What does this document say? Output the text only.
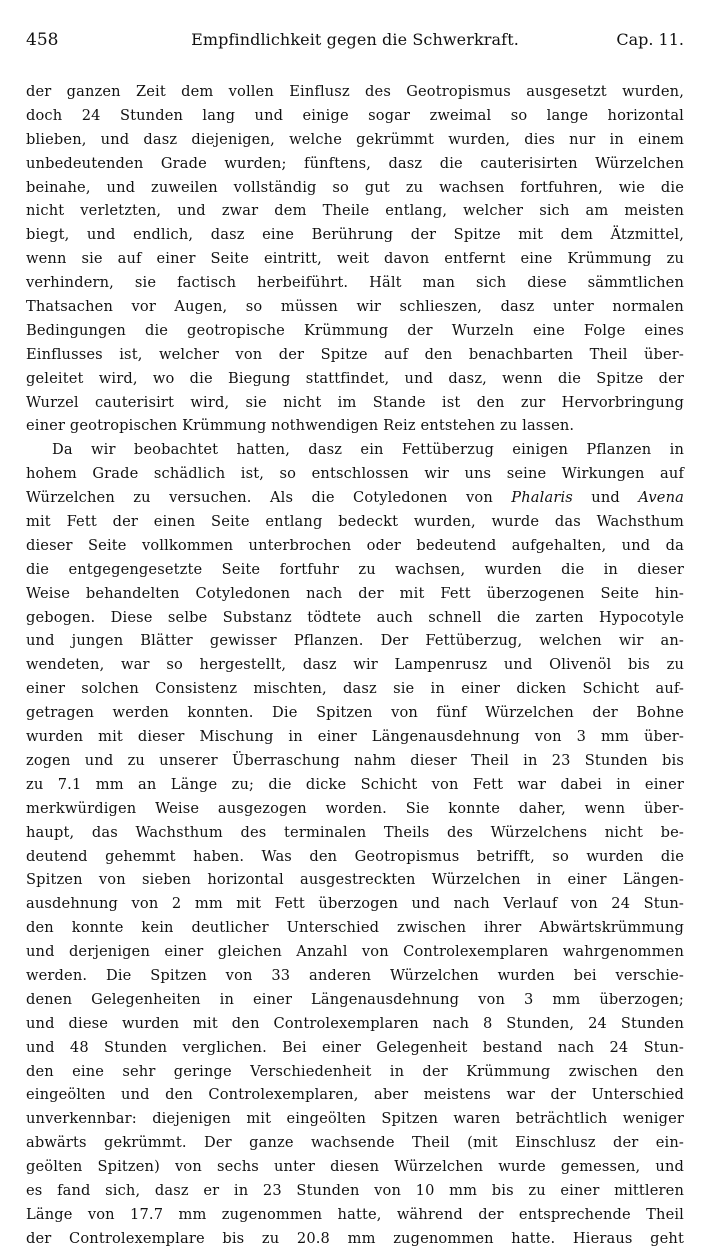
458	Empfindlichkeit gegen die Schwerkraft.	Cap. 11.
der ganzen Zeit dem vollen Einflusz des Geotropismus ausgesetzt wurden,
doch 24 Stunden lang und einige sogar zweimal so lange horizontal
blieben, und dasz diejenigen, welche gekrümmt wurden, dies nur in einem
unbedeutenden Grade wurden; fünftens, dasz die cauterisirten Würzelchen
beinahe, und zuweilen vollständig so gut zu wachsen fortfuhren, wie die
nicht verletzten, und zwar dem Theile entlang, welcher sich am meisten
biegt, und endlich, dasz eine Berührung der Spitze mit dem Ätzmittel,
wenn sie auf einer Seite eintritt, weit davon entfernt eine Krümmung zu
verhindern, sie factisch herbeiführt. Hält man sich diese sämmtlichen
Thatsachen vor Augen, so müssen wir schlieszen, dasz unter normalen
Bedingungen die geotropische Krümmung der Wurzeln eine Folge eines
Einflusses ist, welcher von der Spitze auf den benachbarten Theil über-
geleitet wird, wo die Biegung stattfindet, und dasz, wenn die Spitze der
Wurzel cauterisirt wird, sie nicht im Stande ist den zur Hervorbringung
einer geotropischen Krümmung nothwendigen Reiz entstehen zu lassen.
Da wir beobachtet hatten, dasz ein Fettüberzug einigen Pflanzen in
hohem Grade schädlich ist, so entschlossen wir uns seine Wirkungen auf
Würzelchen zu versuchen. Als die Cotyledonen von Phalaris und Avena
mit Fett der einen Seite entlang bedeckt wurden, wurde das Wachsthum
dieser Seite vollkommen unterbrochen oder bedeutend aufgehalten, und da
die entgegengesetzte Seite fortfuhr zu wachsen, wurden die in dieser
Weise behandelten Cotyledonen nach der mit Fett überzogenen Seite hin-
gebogen. Diese selbe Substanz tödtete auch schnell die zarten Hypocotyle
und jungen Blätter gewisser Pflanzen. Der Fettüberzug, welchen wir an-
wendeten, war so hergestellt, dasz wir Lampenrusz und Olivenöl bis zu
einer solchen Consistenz mischten, dasz sie in einer dicken Schicht auf-
getragen werden konnten. Die Spitzen von fünf Würzelchen der Bohne
wurden mit dieser Mischung in einer Längenausdehnung von 3 mm über-
zogen und zu unserer Überraschung nahm dieser Theil in 23 Stunden bis
zu 7.1 mm an Länge zu; die dicke Schicht von Fett war dabei in einer
merkwürdigen Weise ausgezogen worden. Sie konnte daher, wenn über-
haupt, das Wachsthum des terminalen Theils des Würzelchens nicht be-
deutend gehemmt haben. Was den Geotropismus betrifft, so wurden die
Spitzen von sieben horizontal ausgestreckten Würzelchen in einer Längen-
ausdehnung von 2 mm mit Fett überzogen und nach Verlauf von 24 Stun-
den konnte kein deutlicher Unterschied zwischen ihrer Abwärtskrümmung
und derjenigen einer gleichen Anzahl von Controlexemplaren wahrgenommen
werden. Die Spitzen von 33 anderen Würzelchen wurden bei verschie-
denen Gelegenheiten in einer Längenausdehnung von 3 mm überzogen;
und diese wurden mit den Controlexemplaren nach 8 Stunden, 24 Stunden
und 48 Stunden verglichen. Bei einer Gelegenheit bestand nach 24 Stun-
den eine sehr geringe Verschiedenheit in der Krümmung zwischen den
eingeölten und den Controlexemplaren, aber meistens war der Unterschied
unverkennbar: diejenigen mit eingeölten Spitzen waren beträchtlich weniger
abwärts gekrümmt. Der ganze wachsende Theil (mit Einschlusz der ein-
geölten Spitzen) von sechs unter diesen Würzelchen wurde gemessen, und
es fand sich, dasz er in 23 Stunden von 10 mm bis zu einer mittleren
Länge von 17.7 mm zugenommen hatte, während der entsprechende Theil
der Controlexemplare bis zu 20.8 mm zugenommen hatte. Hieraus geht
